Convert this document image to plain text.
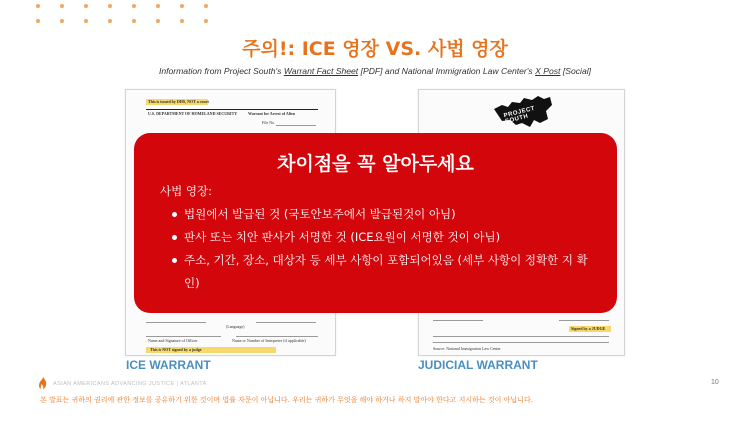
주의!: ICE 영장 VS. 사법 영장

Information from Project South's Warrant Fact Sheet [PDF] and National Immigration Law Center's X Post [Social]

This is issued by DHS, NOT a court
U.S. DEPARTMENT OF HOMELAND SECURITY	Warrant for Arrest of Alien
File No.
(Language)
Name and Signature of Officer	Name or Number of Interpreter (if applicable)
This is NOT signed by a judge
PROJECT SOUTH
Signed by a JUDGE
Source: National Immigration Law Center
ICE WARRANT	JUDICIAL WARRANT
차이점을 꼭 알아두세요
사법 영장:
법원에서 발급된 것 (국토안보주에서 발급된것이 아님)
판사 또는 치안 판사가 서명한 것 (ICE요원이 서명한 것이 아님)
주소, 기간, 장소, 대상자 등 세부 사항이 포함되어있음 (세부 사항이 정확한 지 확인)
ASIAN AMERICANS ADVANCING JUSTICE | ATLANTA	10
본 발표는 귀하의 권리에 관한 정보를 공유하기 위한 것이며 법률 자문이 아닙니다. 우리는 귀하가 무엇을 해야 하거나 하지 말아야 한다고 지시하는 것이 아닙니다.
